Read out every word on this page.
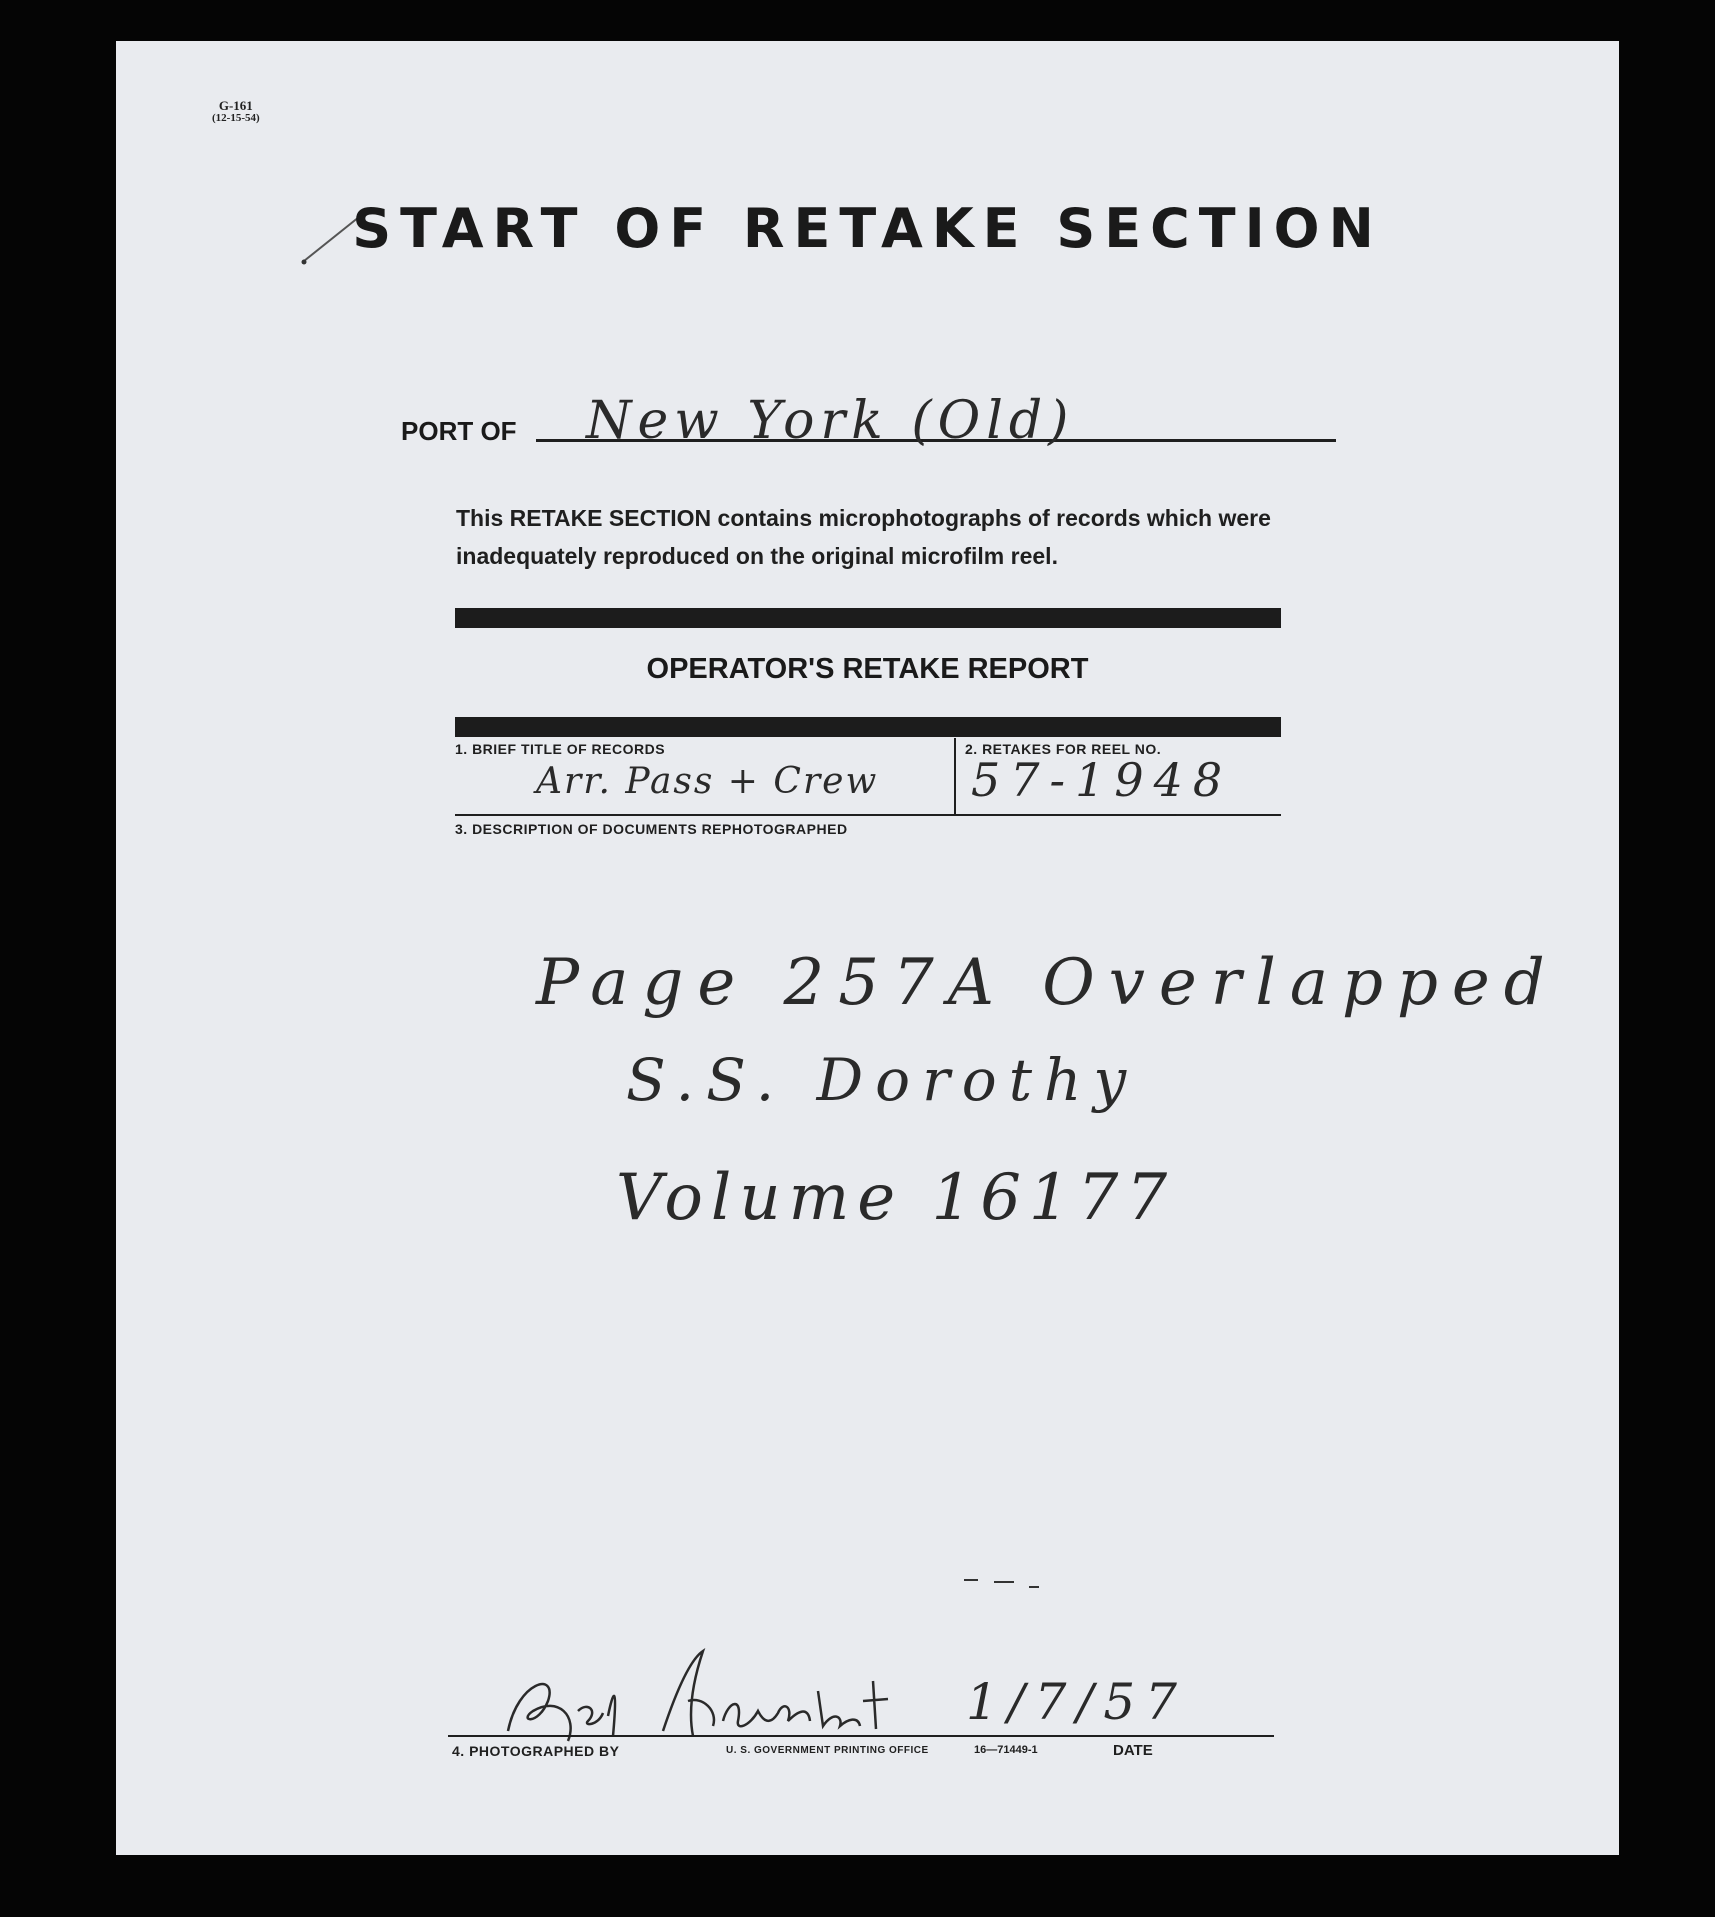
G-161
(12-15-54)
START OF RETAKE SECTION
PORT OF New York (Old)
This RETAKE SECTION contains microphotographs of records which were
inadequately reproduced on the original microfilm reel.
OPERATOR'S RETAKE REPORT
1. BRIEF TITLE OF RECORDS	2. RETAKES FOR REEL NO.
Arr. Pass + Crew 57-1948
3. DESCRIPTION OF DOCUMENTS REPHOTOGRAPHED
Page 257A Overlapped
S.S. Dorothy
Volume 16177
1/7/57
4. PHOTOGRAPHED BY	U. S. GOVERNMENT PRINTING OFFICE	16—71449-1	DATE
